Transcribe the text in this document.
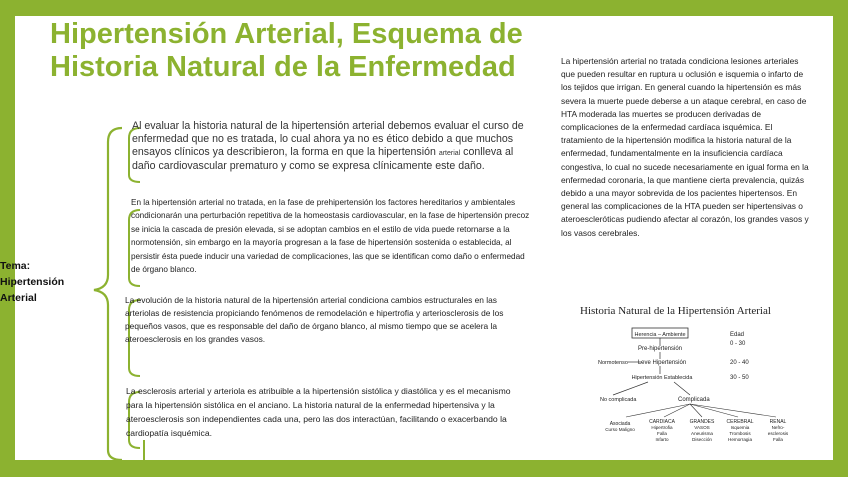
Hipertensión Arterial, Esquema de Historia Natural de la Enfermedad
Tema:
Hipertensión
Arterial

Al evaluar la historia natural de la hipertensión arterial debemos evaluar el curso de enfermedad que no es tratada, lo cual ahora ya no es ético debido a que muchos ensayos clínicos ya describieron, la forma en que la hipertensión arterial conlleva al daño cardiovascular prematuro y como se expresa clínicamente este daño.

En la hipertensión arterial no tratada, en la fase de prehipertensión los factores hereditarios y ambientales condicionarán una perturbación repetitiva de la homeostasis cardiovascular, en la fase de hipertensión precoz se inicia la cascada de presión elevada, si se adoptan cambios en el estilo de vida puede retornarse a la normotensión, sin embargo en la mayoría progresan a la fase de hipertensión sostenida o establecida, al persistir ésta puede inducir una variedad de complicaciones, las que se identifican como daño o enfermedad de órgano blanco.

La evolución de la historia natural de la hipertensión arterial condiciona cambios estructurales en las arteriolas de resistencia propiciando fenómenos de remodelación e hipertrofia y arteriosclerosis de los pequeños vasos, que es responsable del daño de órgano blanco, al mismo tiempo que se acelera la ateroesclerosis en los grandes vasos.

La esclerosis arterial y arteriola es atribuible a la hipertensión sistólica y diastólica y es el mecanismo para la hipertensión sistólica en el anciano. La historia natural de la enfermedad hipertensiva y la ateroesclerosis son independientes cada una, pero las dos interactúan, facilitando o exacerbando la cardiopatía isquémica.

La hipertensión arterial no tratada condiciona lesiones arteriales que pueden resultar en ruptura u oclusión e isquemia o infarto de los tejidos que irrigan. En general cuando la hipertensión es más severa la muerte puede deberse a un ataque cerebral, en caso de HTA moderada las muertes se producen derivadas de complicaciones de la enfermedad cardíaca isquémica. El tratamiento de la hipertensión modifica la historia natural de la enfermedad, fundamentalmente en la insuficiencia cardíaca congestiva, lo cual no sucede necesariamente en igual forma en la enfermedad coronaria, la que mantiene cierta prevalencia, quizás debido a una mayor sobrevida de los pacientes hipertensos. En general las complicaciones de la HTA pueden ser hipertensivas o ateroescleróticas pudiendo afectar al corazón, los grandes vasos y los vasos cerebrales.

Historia Natural de la Hipertensión Arterial
Herencia – Ambiente	Edad
0 - 30
Pre-hipertensión
Leve Hipertensión
Normotenso	20 - 40
Hipertensión Establecida	30 - 50
No complicada	Complicada
Asociada
Curso Maligno
CARDIACA
Hipertrofia
Falla
Infarto
GRANDES
VASOS
Aneurisma
Disección
CEREBRAL
Isquemia
Trombosis
Hemorragia
RENAL
Nefro-
esclerosis
Falla
